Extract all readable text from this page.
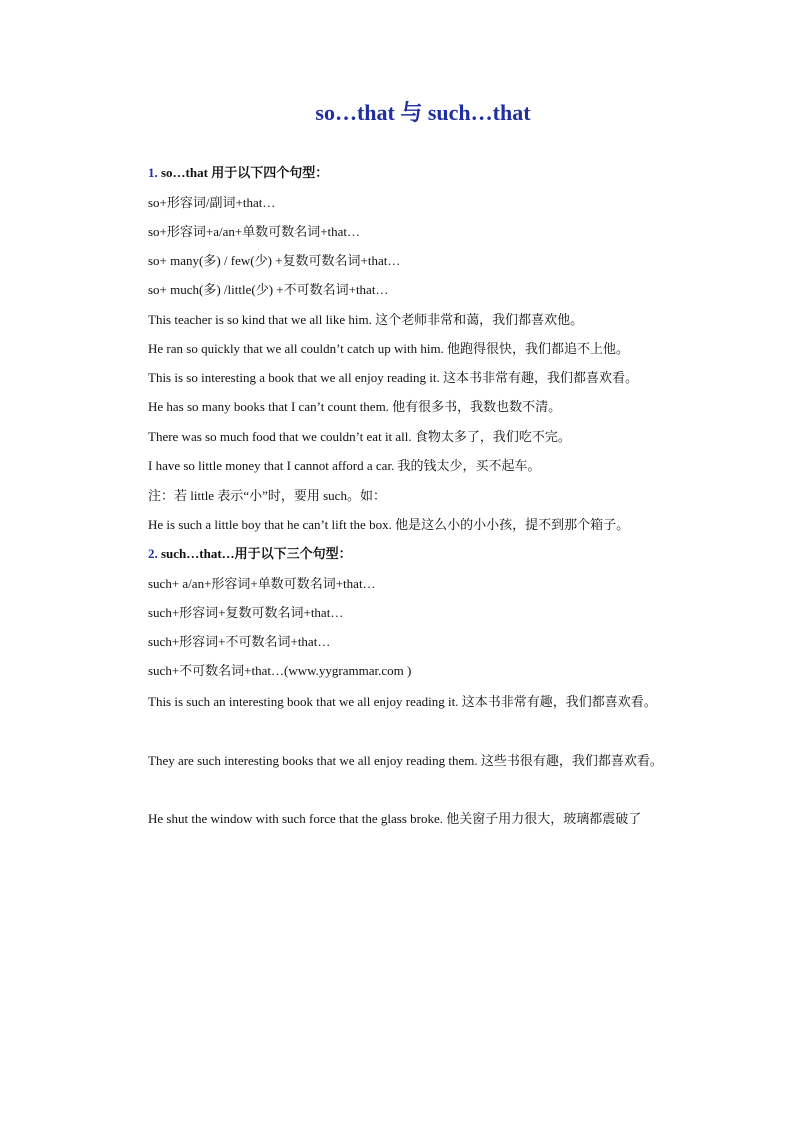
so…that 与 such…that
1. so…that 用于以下四个句型：
so+形容词/副词+that…
so+形容词+a/an+单数可数名词+that…
so+ many(多) / few(少) +复数可数名词+that…
so+ much(多) /little(少) +不可数名词+that…
This teacher is so kind that we all like him. 这个老师非常和蔼，我们都喜欢他。
He ran so quickly that we all couldn’t catch up with him. 他跑得很快，我们都追不上他。
This is so interesting a book that we all enjoy reading it. 这本书非常有趣，我们都喜欢看。
He has so many books that I can’t count them. 他有很多书，我数也数不清。
There was so much food that we couldn’t eat it all. 食物太多了，我们吃不完。
I have so little money that I cannot afford a car. 我的钱太少，买不起车。
注：若 little 表示“小”时，要用 such。如：
He is such a little boy that he can’t lift the box. 他是这么小的小小孩，提不到那个箱子。
2. such…that…用于以下三个句型：
such+ a/an+形容词+单数可数名词+that…
such+形容词+复数可数名词+that…
such+形容词+不可数名词+that…
such+不可数名词+that…(www.yygrammar.com )
This is such an interesting book that we all enjoy reading it. 这本书非常有趣，我们都喜欢看。
They are such interesting books that we all enjoy reading them. 这些书很有趣，我们都喜欢看。
He shut the window with such force that the glass broke. 他关窗子用力很大，玻璃都震破了
